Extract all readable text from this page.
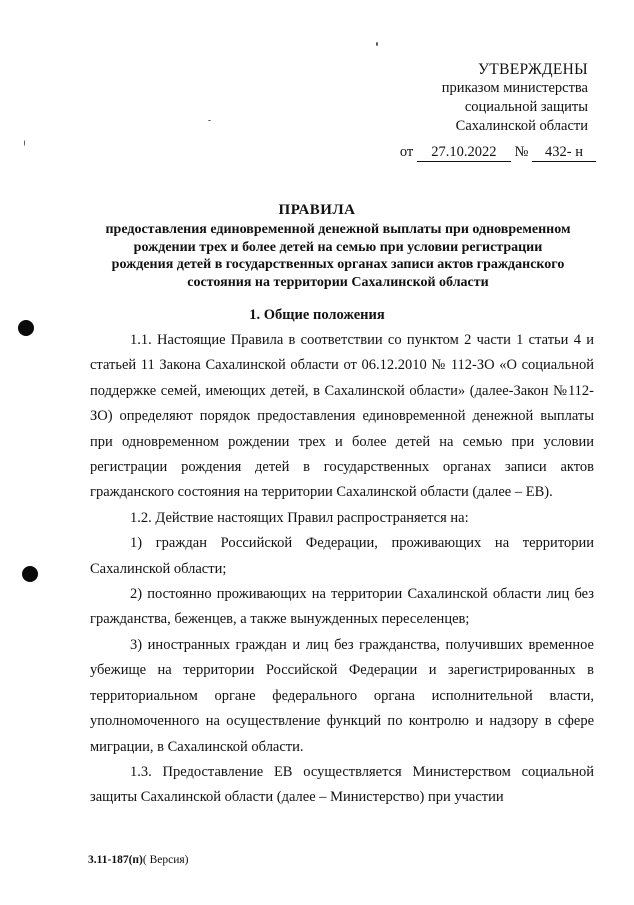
УТВЕРЖДЕНЫ
приказом министерства
социальной защиты
Сахалинской области
от 27.10.2022 № 432- н
ПРАВИЛА
предоставления единовременной денежной выплаты при одновременном
рождении трех и более детей на семью при условии регистрации
рождения детей в государственных органах записи актов гражданского
состояния на территории Сахалинской области
1. Общие положения

1.1. Настоящие Правила в соответствии со пунктом 2 части 1 статьи 4 и статьей 11 Закона Сахалинской области от 06.12.2010 № 112-ЗО «О социальной поддержке семей, имеющих детей, в Сахалинской области» (далее-Закон №112-ЗО) определяют порядок предоставления единовременной денежной выплаты при одновременном рождении трех и более детей на семью при условии регистрации рождения детей в государственных органах записи актов гражданского состояния на территории Сахалинской области (далее – ЕВ).

1.2. Действие настоящих Правил распространяется на:

1) граждан Российской Федерации, проживающих на территории Сахалинской области;

2) постоянно проживающих на территории Сахалинской области лиц без гражданства, беженцев, а также вынужденных переселенцев;

3) иностранных граждан и лиц без гражданства, получивших временное убежище на территории Российской Федерации и зарегистрированных в территориальном органе федерального органа исполнительной власти, уполномоченного на осуществление функций по контролю и надзору в сфере миграции, в Сахалинской области.

1.3. Предоставление ЕВ осуществляется Министерством социальной защиты Сахалинской области (далее – Министерство) при участии

3.11-187(п)( Версия)
